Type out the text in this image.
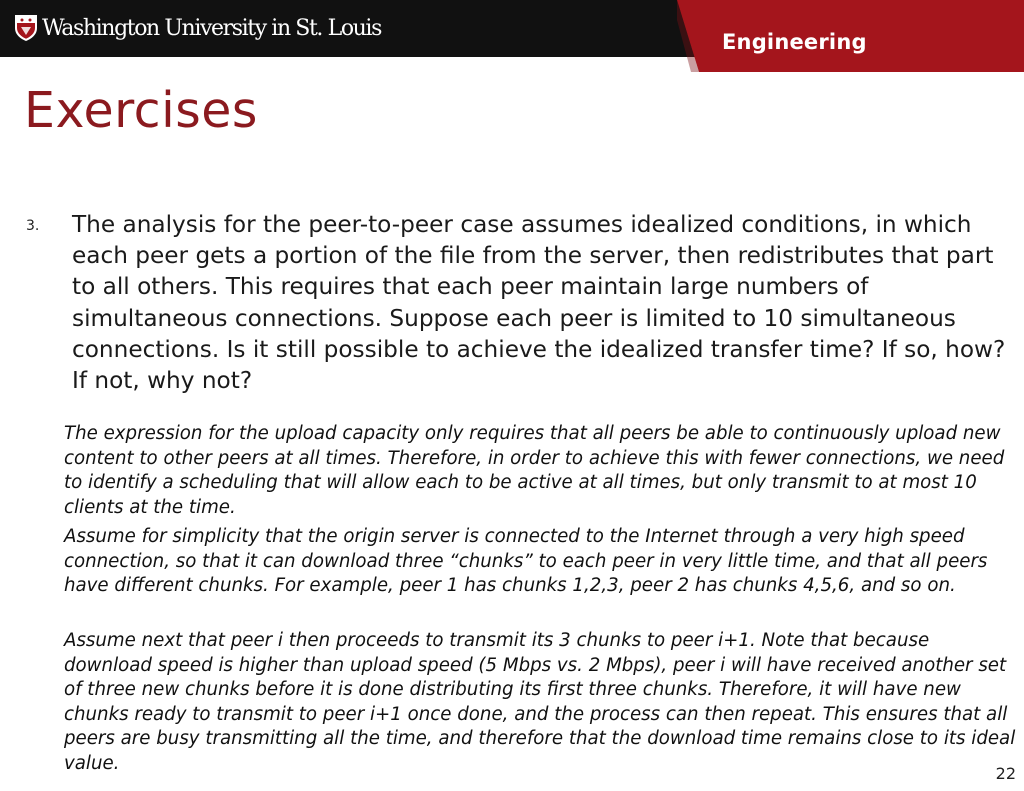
Washington University in St. Louis
Engineering
Exercises
3. The analysis for the peer-to-peer case assumes idealized conditions, in which each peer gets a portion of the file from the server, then redistributes that part to all others. This requires that each peer maintain large numbers of simultaneous connections. Suppose each peer is limited to 10 simultaneous connections. Is it still possible to achieve the idealized transfer time? If so, how? If not, why not?

The expression for the upload capacity only requires that all peers be able to continuously upload new content to other peers at all times. Therefore, in order to achieve this with fewer connections, we need to identify a scheduling that will allow each to be active at all times, but only transmit to at most 10 clients at the time.

Assume for simplicity that the origin server is connected to the Internet through a very high speed connection, so that it can download three “chunks” to each peer in very little time, and that all peers have different chunks. For example, peer 1 has chunks 1,2,3, peer 2 has chunks 4,5,6, and so on.

Assume next that peer i then proceeds to transmit its 3 chunks to peer i+1. Note that because download speed is higher than upload speed (5 Mbps vs. 2 Mbps), peer i will have received another set of three new chunks before it is done distributing its first three chunks. Therefore, it will have new chunks ready to transmit to peer i+1 once done, and the process can then repeat. This ensures that all peers are busy transmitting all the time, and therefore that the download time remains close to its ideal value.	22
